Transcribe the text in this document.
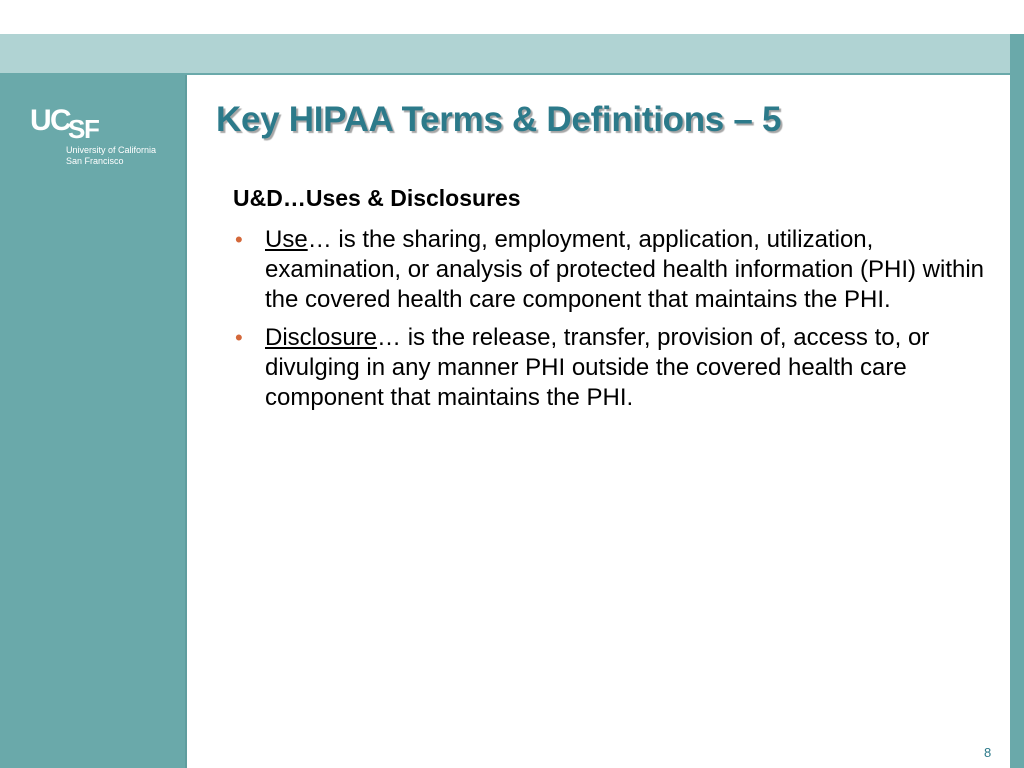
U
C
S
F
University of California
San Francisco
Key HIPAA Terms & Definitions – 5

U&D…Uses & Disclosures

• Use… is the sharing, employment, application, utilization, examination, or analysis of protected health information (PHI) within the covered health care component that maintains the PHI.
• Disclosure… is the release, transfer, provision of, access to, or divulging in any manner PHI outside the covered health care component that maintains the PHI.
8
